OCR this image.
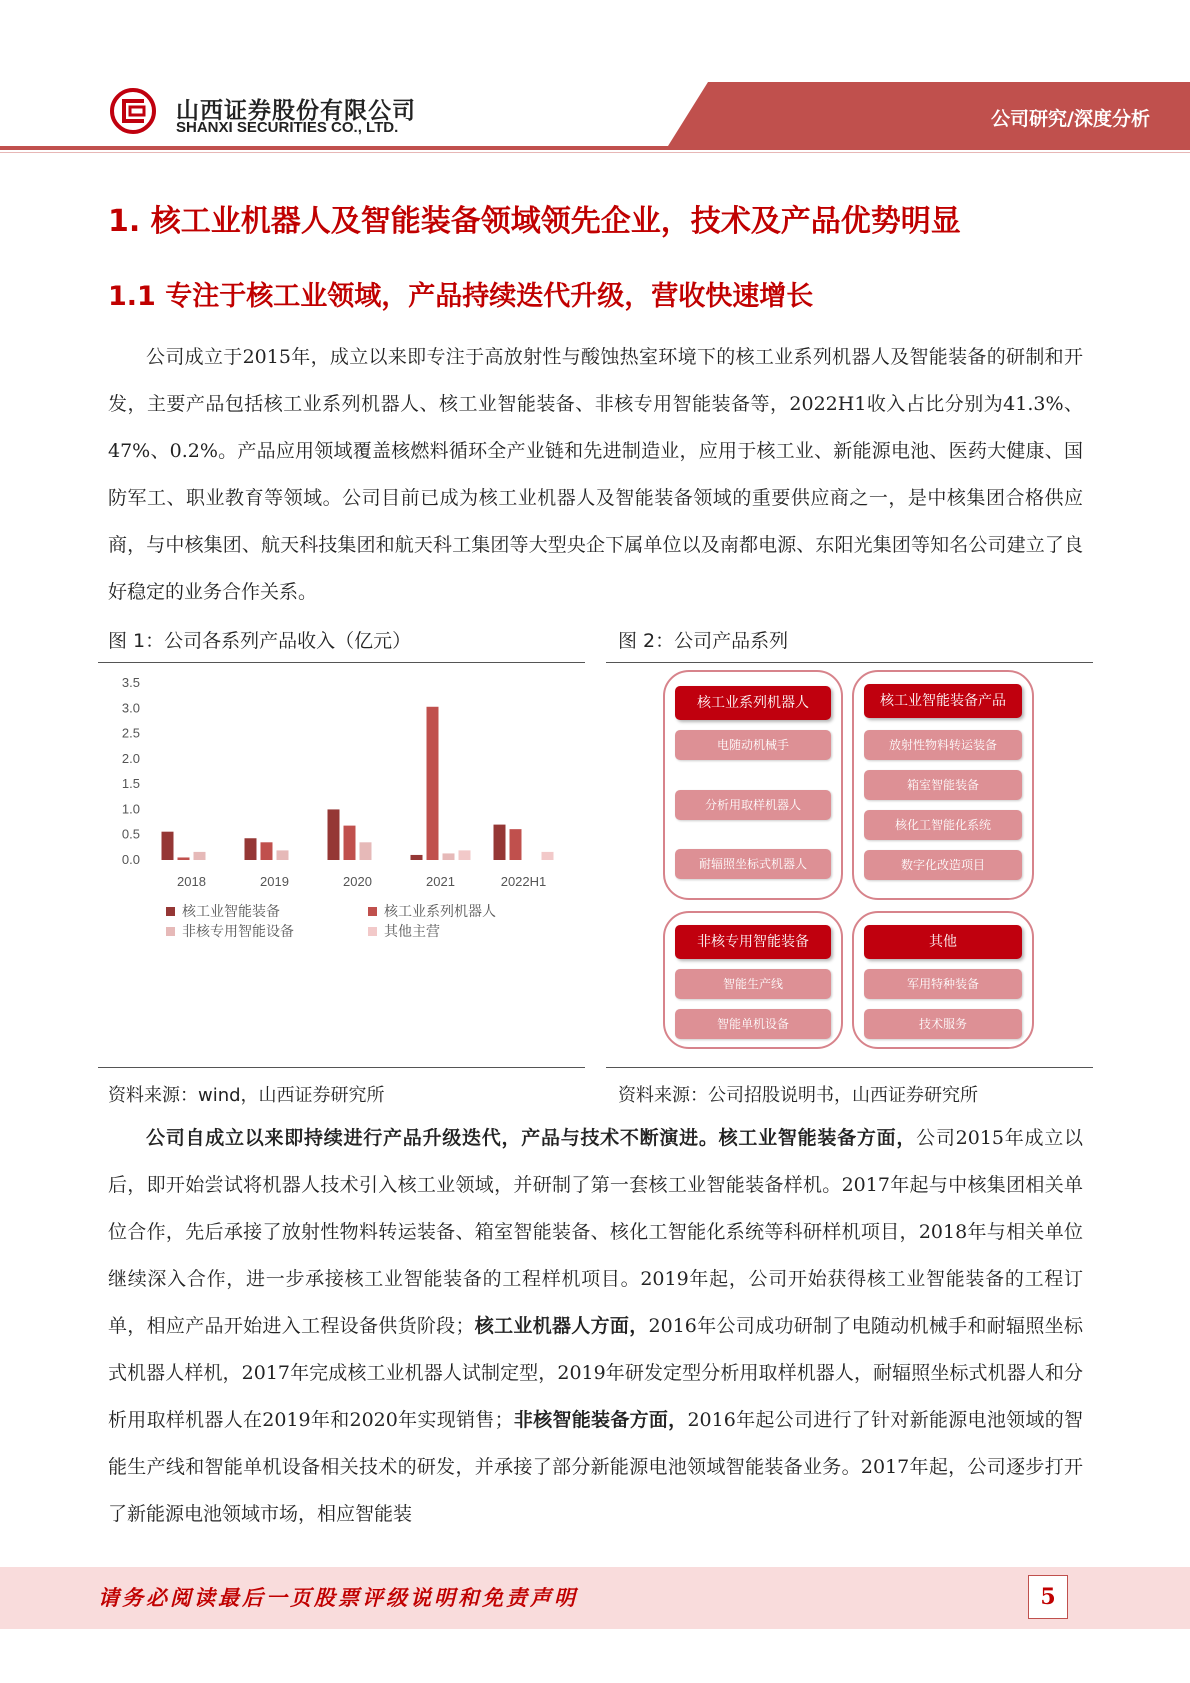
山西证券股份有限公司
SHANXI SECURITIES CO., LTD.	公司研究/深度分析
1. 核工业机器人及智能装备领域领先企业，技术及产品优势明显
1.1 专注于核工业领域，产品持续迭代升级，营收快速增长

公司成立于2015年，成立以来即专注于高放射性与酸蚀热室环境下的核工业系列机器人及智能装备的研制和开发，主要产品包括核工业系列机器人、核工业智能装备、非核专用智能装备等，2022H1收入占比分别为41.3%、47%、0.2%。产品应用领域覆盖核燃料循环全产业链和先进制造业，应用于核工业、新能源电池、医药大健康、国防军工、职业教育等领域。公司目前已成为核工业机器人及智能装备领域的重要供应商之一，是中核集团合格供应商，与中核集团、航天科技集团和航天科工集团等大型央企下属单位以及南都电源、东阳光集团等知名公司建立了良好稳定的业务合作关系。

图 1：公司各系列产品收入（亿元）
0.0
0.5
1.0
1.5
2.0
2.5
3.0
3.5
2018	2019	2020	2021	2022H1
核工业智能装备	核工业系列机器人
非核专用智能设备	其他主营
资料来源：wind，山西证券研究所
图 2：公司产品系列
核工业系列机器人
电随动机械手
分析用取样机器人
耐辐照坐标式机器人
核工业智能装备产品
放射性物料转运装备
箱室智能装备
核化工智能化系统
数字化改造项目
非核专用智能装备
智能生产线
智能单机设备
其他
军用特种装备
技术服务
资料来源：公司招股说明书，山西证券研究所

公司自成立以来即持续进行产品升级迭代，产品与技术不断演进。核工业智能装备方面，公司2015年成立以后，即开始尝试将机器人技术引入核工业领域，并研制了第一套核工业智能装备样机。2017年起与中核集团相关单位合作，先后承接了放射性物料转运装备、箱室智能装备、核化工智能化系统等科研样机项目，2018年与相关单位继续深入合作，进一步承接核工业智能装备的工程样机项目。2019年起，公司开始获得核工业智能装备的工程订单，相应产品开始进入工程设备供货阶段；核工业机器人方面，2016年公司成功研制了电随动机械手和耐辐照坐标式机器人样机，2017年完成核工业机器人试制定型，2019年研发定型分析用取样机器人，耐辐照坐标式机器人和分析用取样机器人在2019年和2020年实现销售；非核智能装备方面，2016年起公司进行了针对新能源电池领域的智能生产线和智能单机设备相关技术的研发，并承接了部分新能源电池领域智能装备业务。2017年起，公司逐步打开了新能源电池领域市场，相应智能装

请务必阅读最后一页股票评级说明和免责声明	5
